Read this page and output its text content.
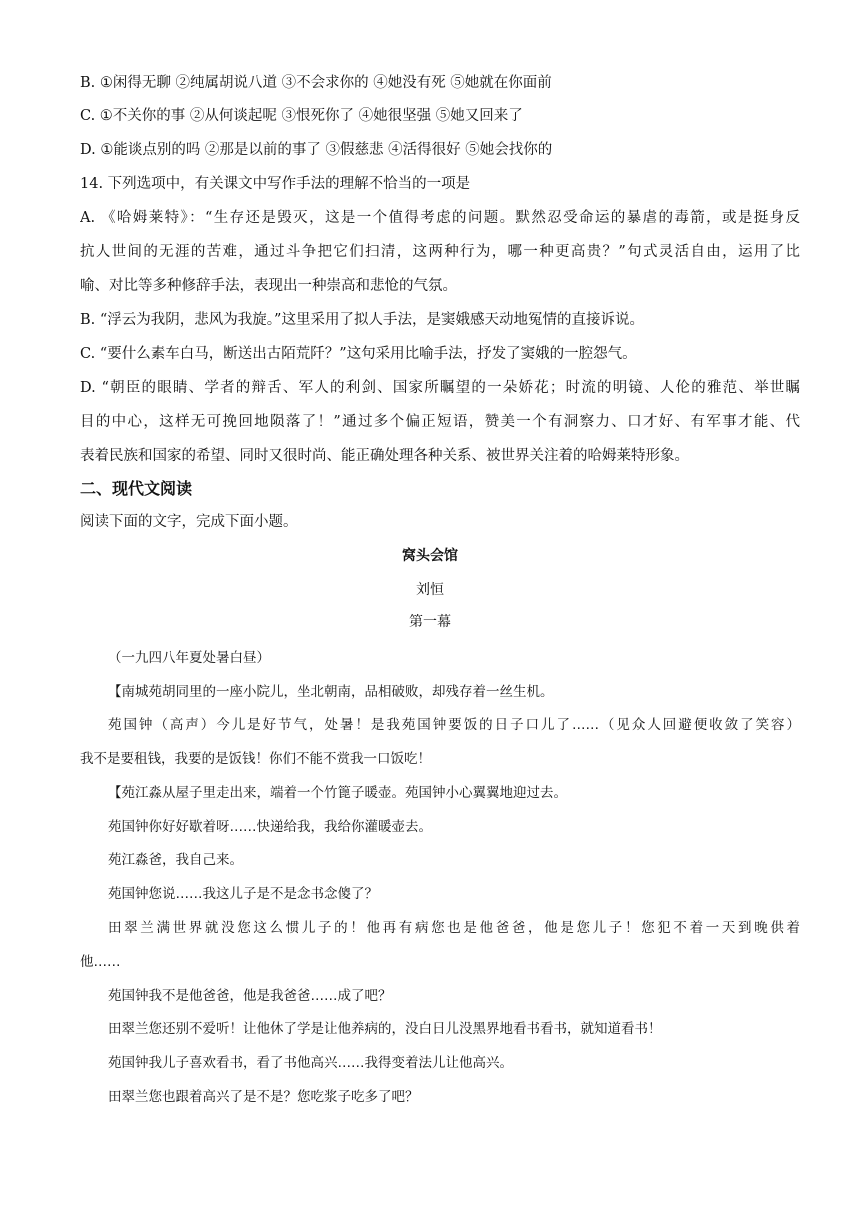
B. ①闲得无聊 ②纯属胡说八道 ③不会求你的 ④她没有死 ⑤她就在你面前
C. ①不关你的事 ②从何谈起呢 ③恨死你了 ④她很坚强 ⑤她又回来了
D. ①能谈点别的吗 ②那是以前的事了 ③假慈悲 ④活得很好 ⑤她会找你的
14. 下列选项中，有关课文中写作手法的理解不恰当的一项是
A. 《哈姆莱特》：“生存还是毁灭，这是一个值得考虑的问题。默然忍受命运的暴虐的毒箭，或是挺身反
抗人世间的无涯的苦难，通过斗争把它们扫清，这两种行为，哪一种更高贵？”句式灵活自由，运用了比
喻、对比等多种修辞手法，表现出一种崇高和悲怆的气氛。
B. “浮云为我阴，悲风为我旋。”这里采用了拟人手法，是窦娥感天动地冤情的直接诉说。
C. “要什么素车白马，断送出古陌荒阡？”这句采用比喻手法，抒发了窦娥的一腔怨气。
D. “朝臣的眼睛、学者的辩舌、军人的利剑、国家所瞩望的一朵娇花；时流的明镜、人伦的雅范、举世瞩
目的中心，这样无可挽回地陨落了！”通过多个偏正短语，赞美一个有洞察力、口才好、有军事才能、代
表着民族和国家的希望、同时又很时尚、能正确处理各种关系、被世界关注着的哈姆莱特形象。
二、现代文阅读
阅读下面的文字，完成下面小题。
窝头会馆
刘恒
第一幕
（一九四八年夏处暑白昼）
【南城苑胡同里的一座小院儿，坐北朝南，品相破败，却残存着一丝生机。
苑国钟（高声）今儿是好节气，处暑！是我苑国钟要饭的日子口儿了……（见众人回避便收敛了笑容）
我不是要租钱，我要的是饭钱！你们不能不赏我一口饭吃！
【苑江淼从屋子里走出来，端着一个竹篦子暖壶。苑国钟小心翼翼地迎过去。
苑国钟你好好歇着呀……快递给我，我给你灌暖壶去。
苑江淼爸，我自己来。
苑国钟您说……我这儿子是不是念书念傻了？
田翠兰满世界就没您这么惯儿子的！他再有病您也是他爸爸，他是您儿子！您犯不着一天到晚供着
他……
苑国钟我不是他爸爸，他是我爸爸……成了吧？
田翠兰您还别不爱听！让他休了学是让他养病的，没白日儿没黑界地看书看书，就知道看书！
苑国钟我儿子喜欢看书，看了书他高兴……我得变着法儿让他高兴。
田翠兰您也跟着高兴了是不是？您吃浆子吃多了吧？
